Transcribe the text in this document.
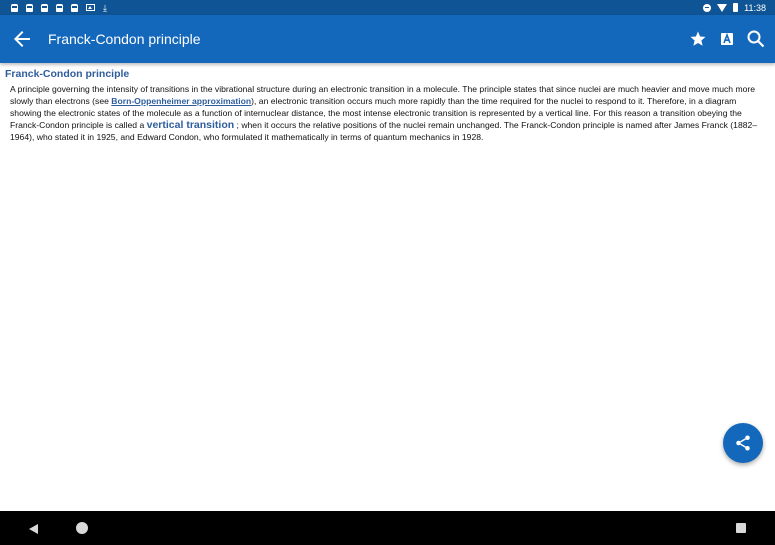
⤓	11:38
Franck-Condon principle
Franck-Condon principle

A principle governing the intensity of transitions in the vibrational structure during an electronic transition in a molecule. The principle states that since nuclei are much heavier and move much more slowly than electrons (see Born-Oppenheimer approximation), an electronic transition occurs much more rapidly than the time required for the nuclei to respond to it. Therefore, in a diagram showing the electronic states of the molecule as a function of internuclear distance, the most intense electronic transition is represented by a vertical line. For this reason a transition obeying the Franck-Condon principle is called a vertical transition ; when it occurs the relative positions of the nuclei remain unchanged. The Franck-Condon principle is named after James Franck (1882–1964), who stated it in 1925, and Edward Condon, who formulated it mathematically in terms of quantum mechanics in 1928.
